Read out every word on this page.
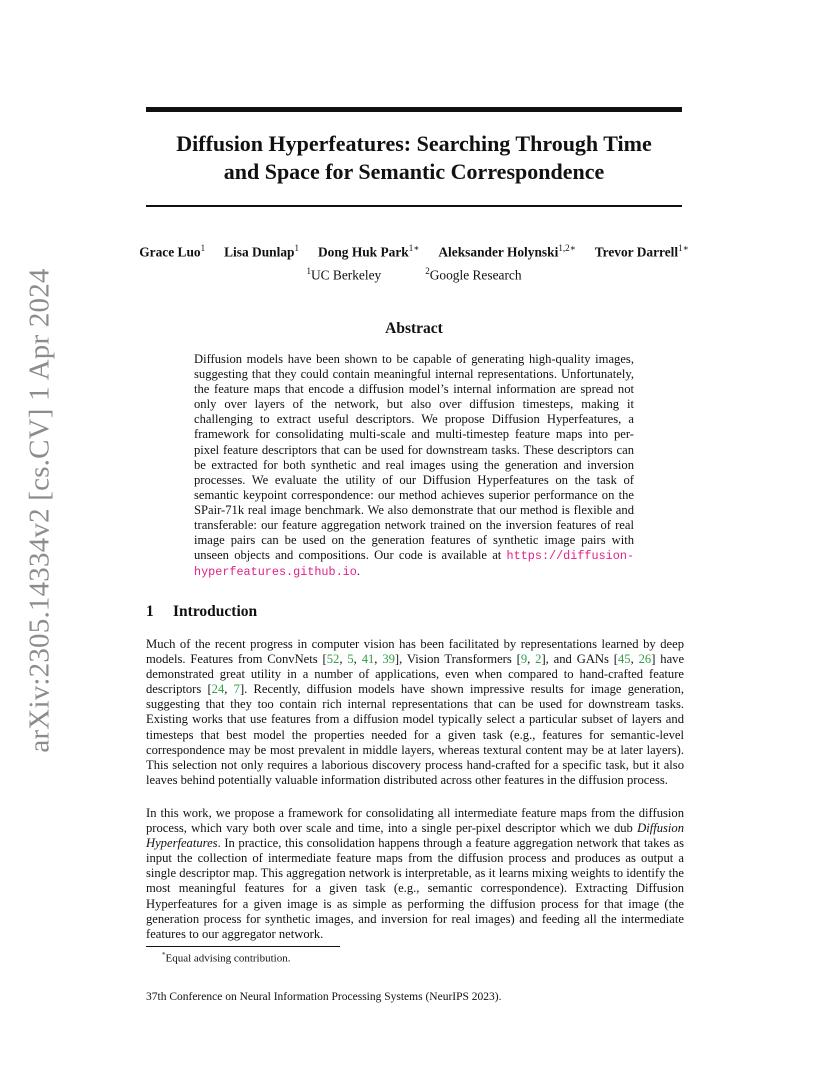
arXiv:2305.14334v2 [cs.CV] 1 Apr 2024
Diffusion Hyperfeatures: Searching Through Time
and Space for Semantic Correspondence
Grace Luo$^1$ Lisa Dunlap$^1$ Dong Huk Park$^{1∗}$ Aleksander Holynski$^{1,2∗}$ Trevor Darrell$^{1∗}$
$^1$UC Berkeley	$^2$Google Research
Abstract

Diffusion models have been shown to be capable of generating high-quality images, suggesting that they could contain meaningful internal representations. Unfortunately, the feature maps that encode a diffusion model’s internal information are spread not only over layers of the network, but also over diffusion timesteps, making it challenging to extract useful descriptors. We propose Diffusion Hyperfeatures, a framework for consolidating multi-scale and multi-timestep feature maps into per-pixel feature descriptors that can be used for downstream tasks. These descriptors can be extracted for both synthetic and real images using the generation and inversion processes. We evaluate the utility of our Diffusion Hyperfeatures on the task of semantic keypoint correspondence: our method achieves superior performance on the SPair-71k real image benchmark. We also demonstrate that our method is flexible and transferable: our feature aggregation network trained on the inversion features of real image pairs can be used on the generation features of synthetic image pairs with unseen objects and compositions. Our code is available at https://diffusion-hyperfeatures.github.io.

1 Introduction

Much of the recent progress in computer vision has been facilitated by representations learned by deep models. Features from ConvNets [52, 5, 41, 39], Vision Transformers [9, 2], and GANs [45, 26] have demonstrated great utility in a number of applications, even when compared to hand-crafted feature descriptors [24, 7]. Recently, diffusion models have shown impressive results for image generation, suggesting that they too contain rich internal representations that can be used for downstream tasks. Existing works that use features from a diffusion model typically select a particular subset of layers and timesteps that best model the properties needed for a given task (e.g., features for semantic-level correspondence may be most prevalent in middle layers, whereas textural content may be at later layers). This selection not only requires a laborious discovery process hand-crafted for a specific task, but it also leaves behind potentially valuable information distributed across other features in the diffusion process.

In this work, we propose a framework for consolidating all intermediate feature maps from the diffusion process, which vary both over scale and time, into a single per-pixel descriptor which we dub Diffusion Hyperfeatures. In practice, this consolidation happens through a feature aggregation network that takes as input the collection of intermediate feature maps from the diffusion process and produces as output a single descriptor map. This aggregation network is interpretable, as it learns mixing weights to identify the most meaningful features for a given task (e.g., semantic correspondence). Extracting Diffusion Hyperfeatures for a given image is as simple as performing the diffusion process for that image (the generation process for synthetic images, and inversion for real images) and feeding all the intermediate features to our aggregator network.

*Equal advising contribution.
37th Conference on Neural Information Processing Systems (NeurIPS 2023).
